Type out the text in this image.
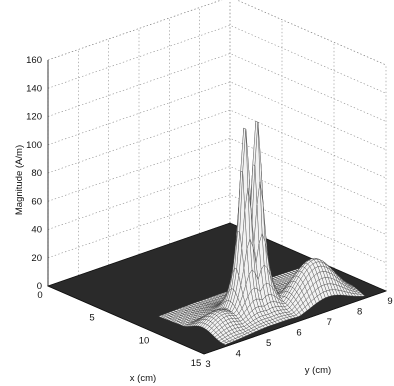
0
20
40
60
80
100
120
140
160
0
5
10
15 3
4
5
6
7
8
9
Magnitude (A/m)
x (cm)
y (cm)
